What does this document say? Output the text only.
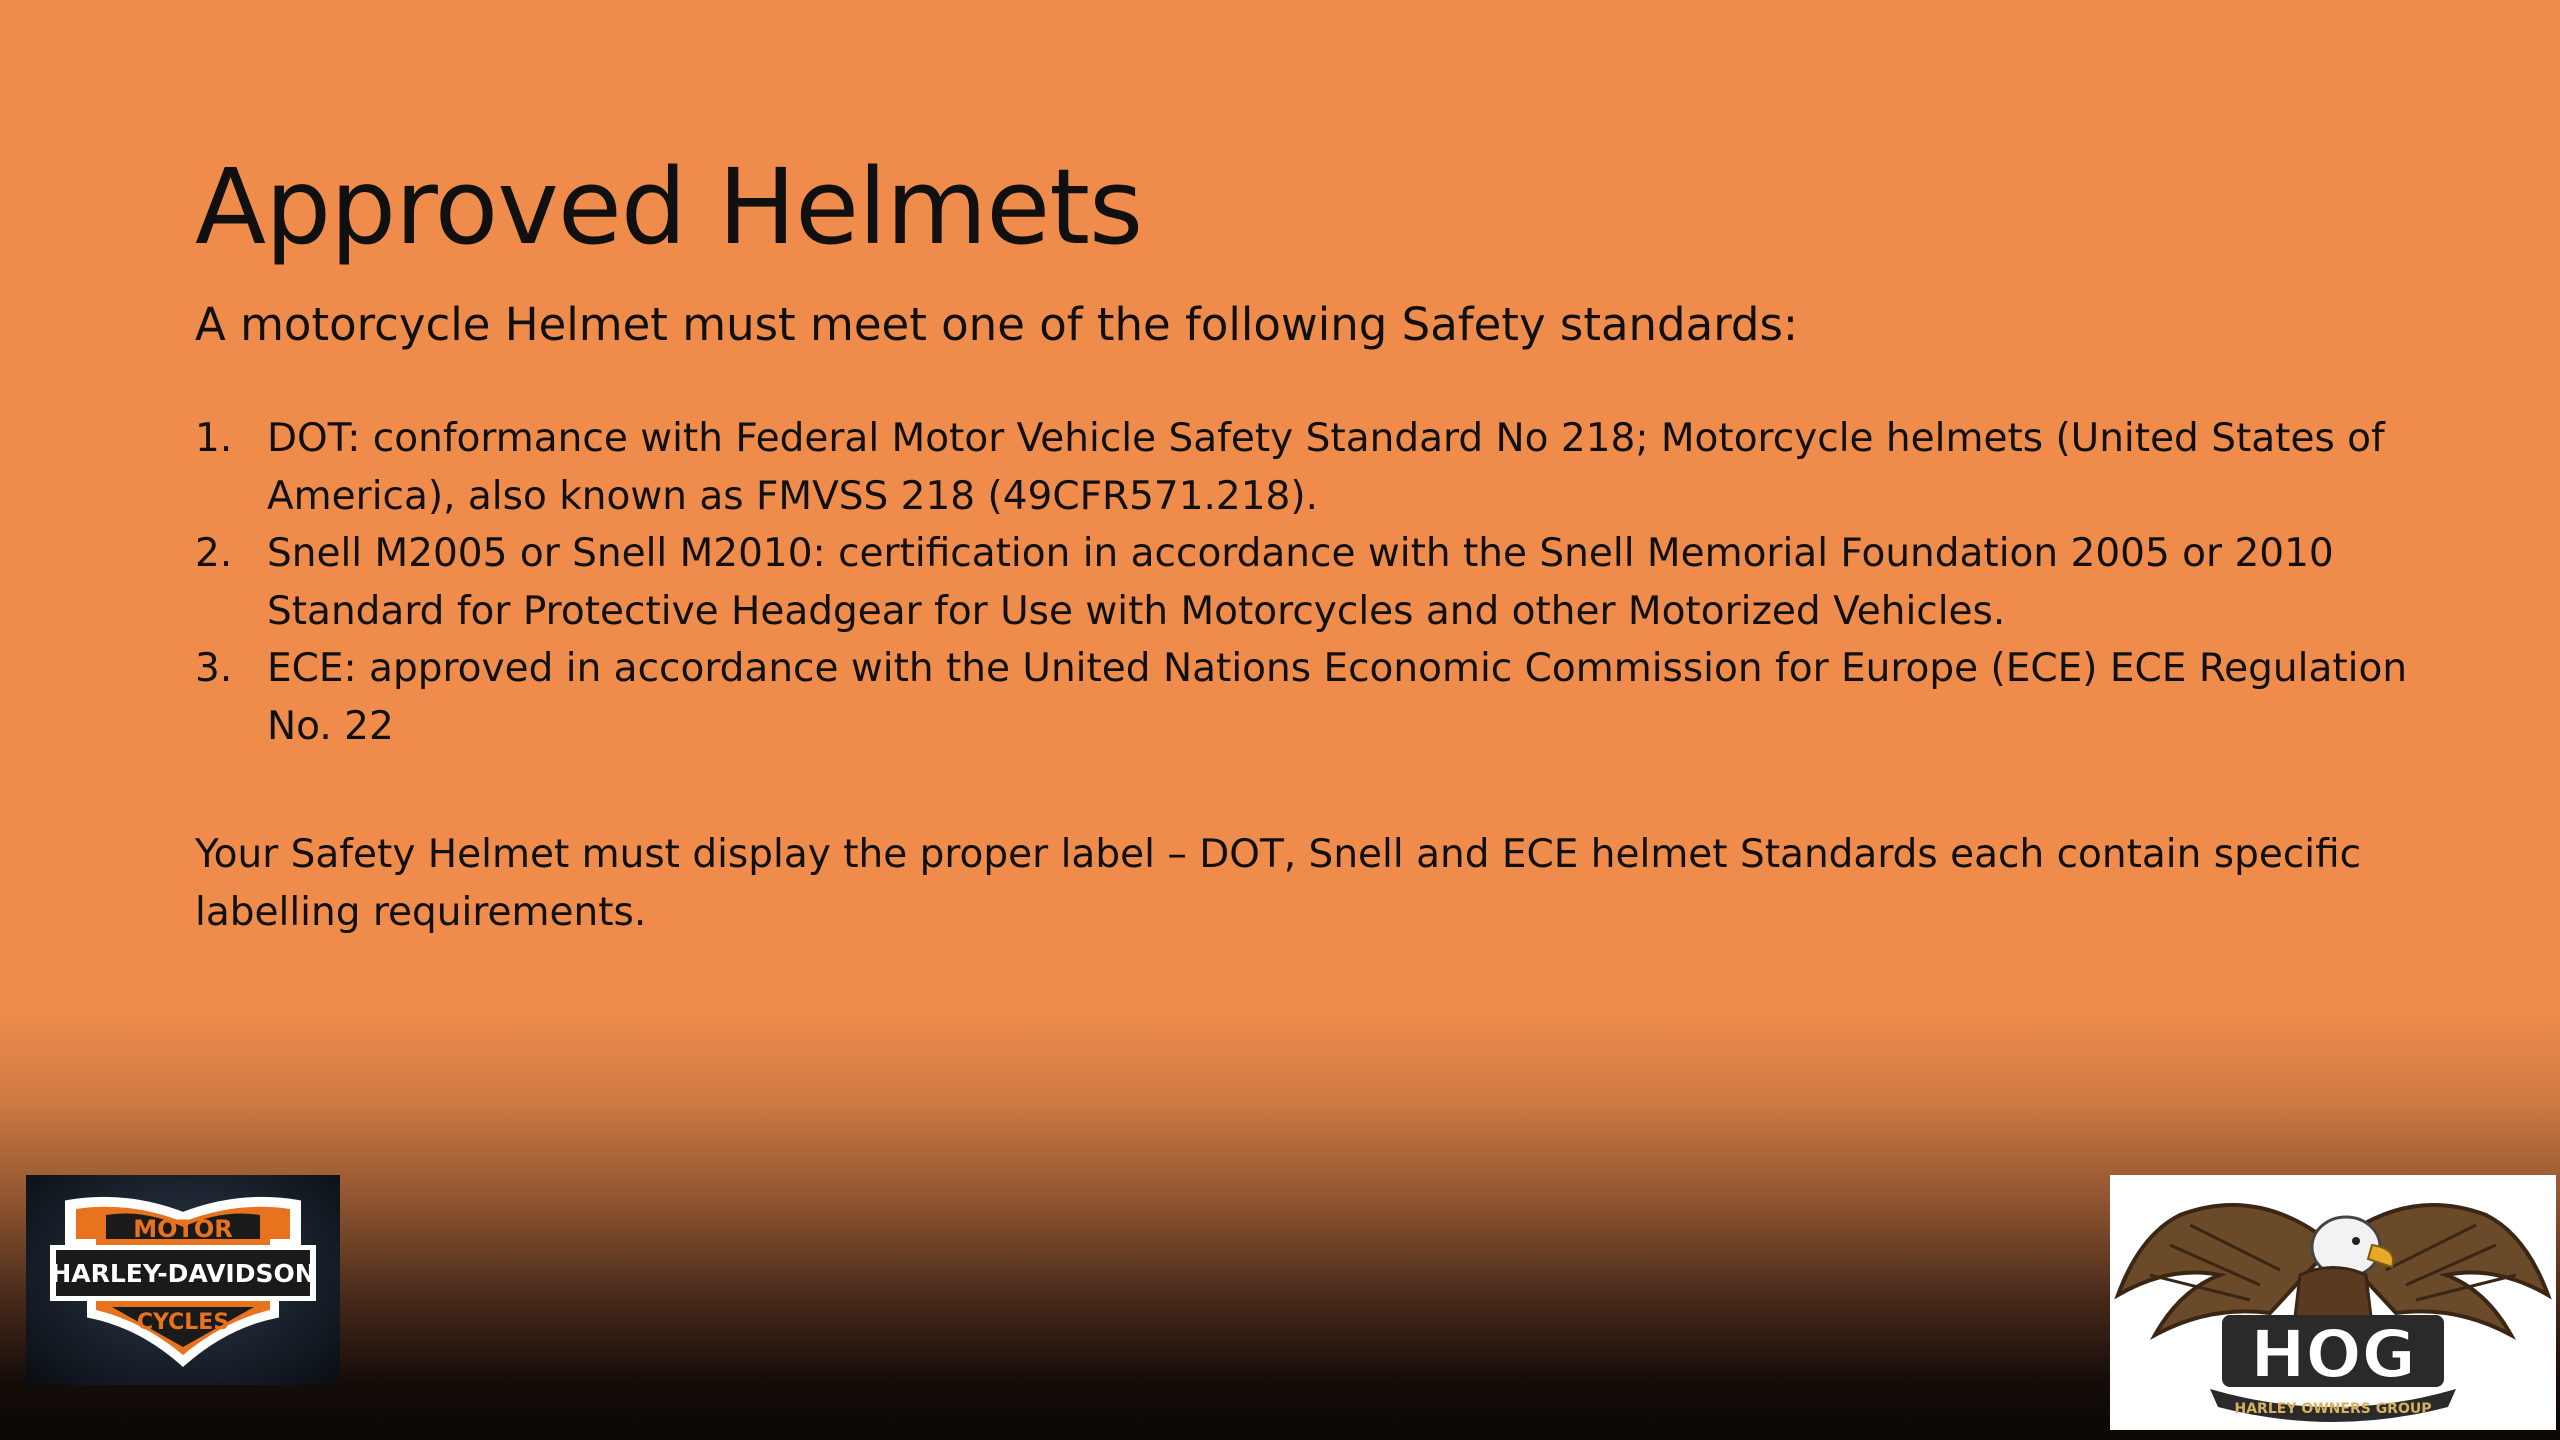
Approved Helmets

A motorcycle Helmet must meet one of the following Safety standards:

1. DOT: conformance with Federal Motor Vehicle Safety Standard No 218; Motorcycle helmets (United States of America), also known as FMVSS 218 (49CFR571.218).
2. Snell M2005 or Snell M2010: certification in accordance with the Snell Memorial Foundation 2005 or 2010 Standard for Protective Headgear for Use with Motorcycles and other Motorized Vehicles.
3. ECE: approved in accordance with the United Nations Economic Commission for Europe (ECE) ECE Regulation No. 22

Your Safety Helmet must display the proper label – DOT, Snell and ECE helmet Standards each contain specific labelling requirements.

MOTOR
HARLEY-DAVIDSON
CYCLES	HOG
HARLEY OWNERS GROUP
